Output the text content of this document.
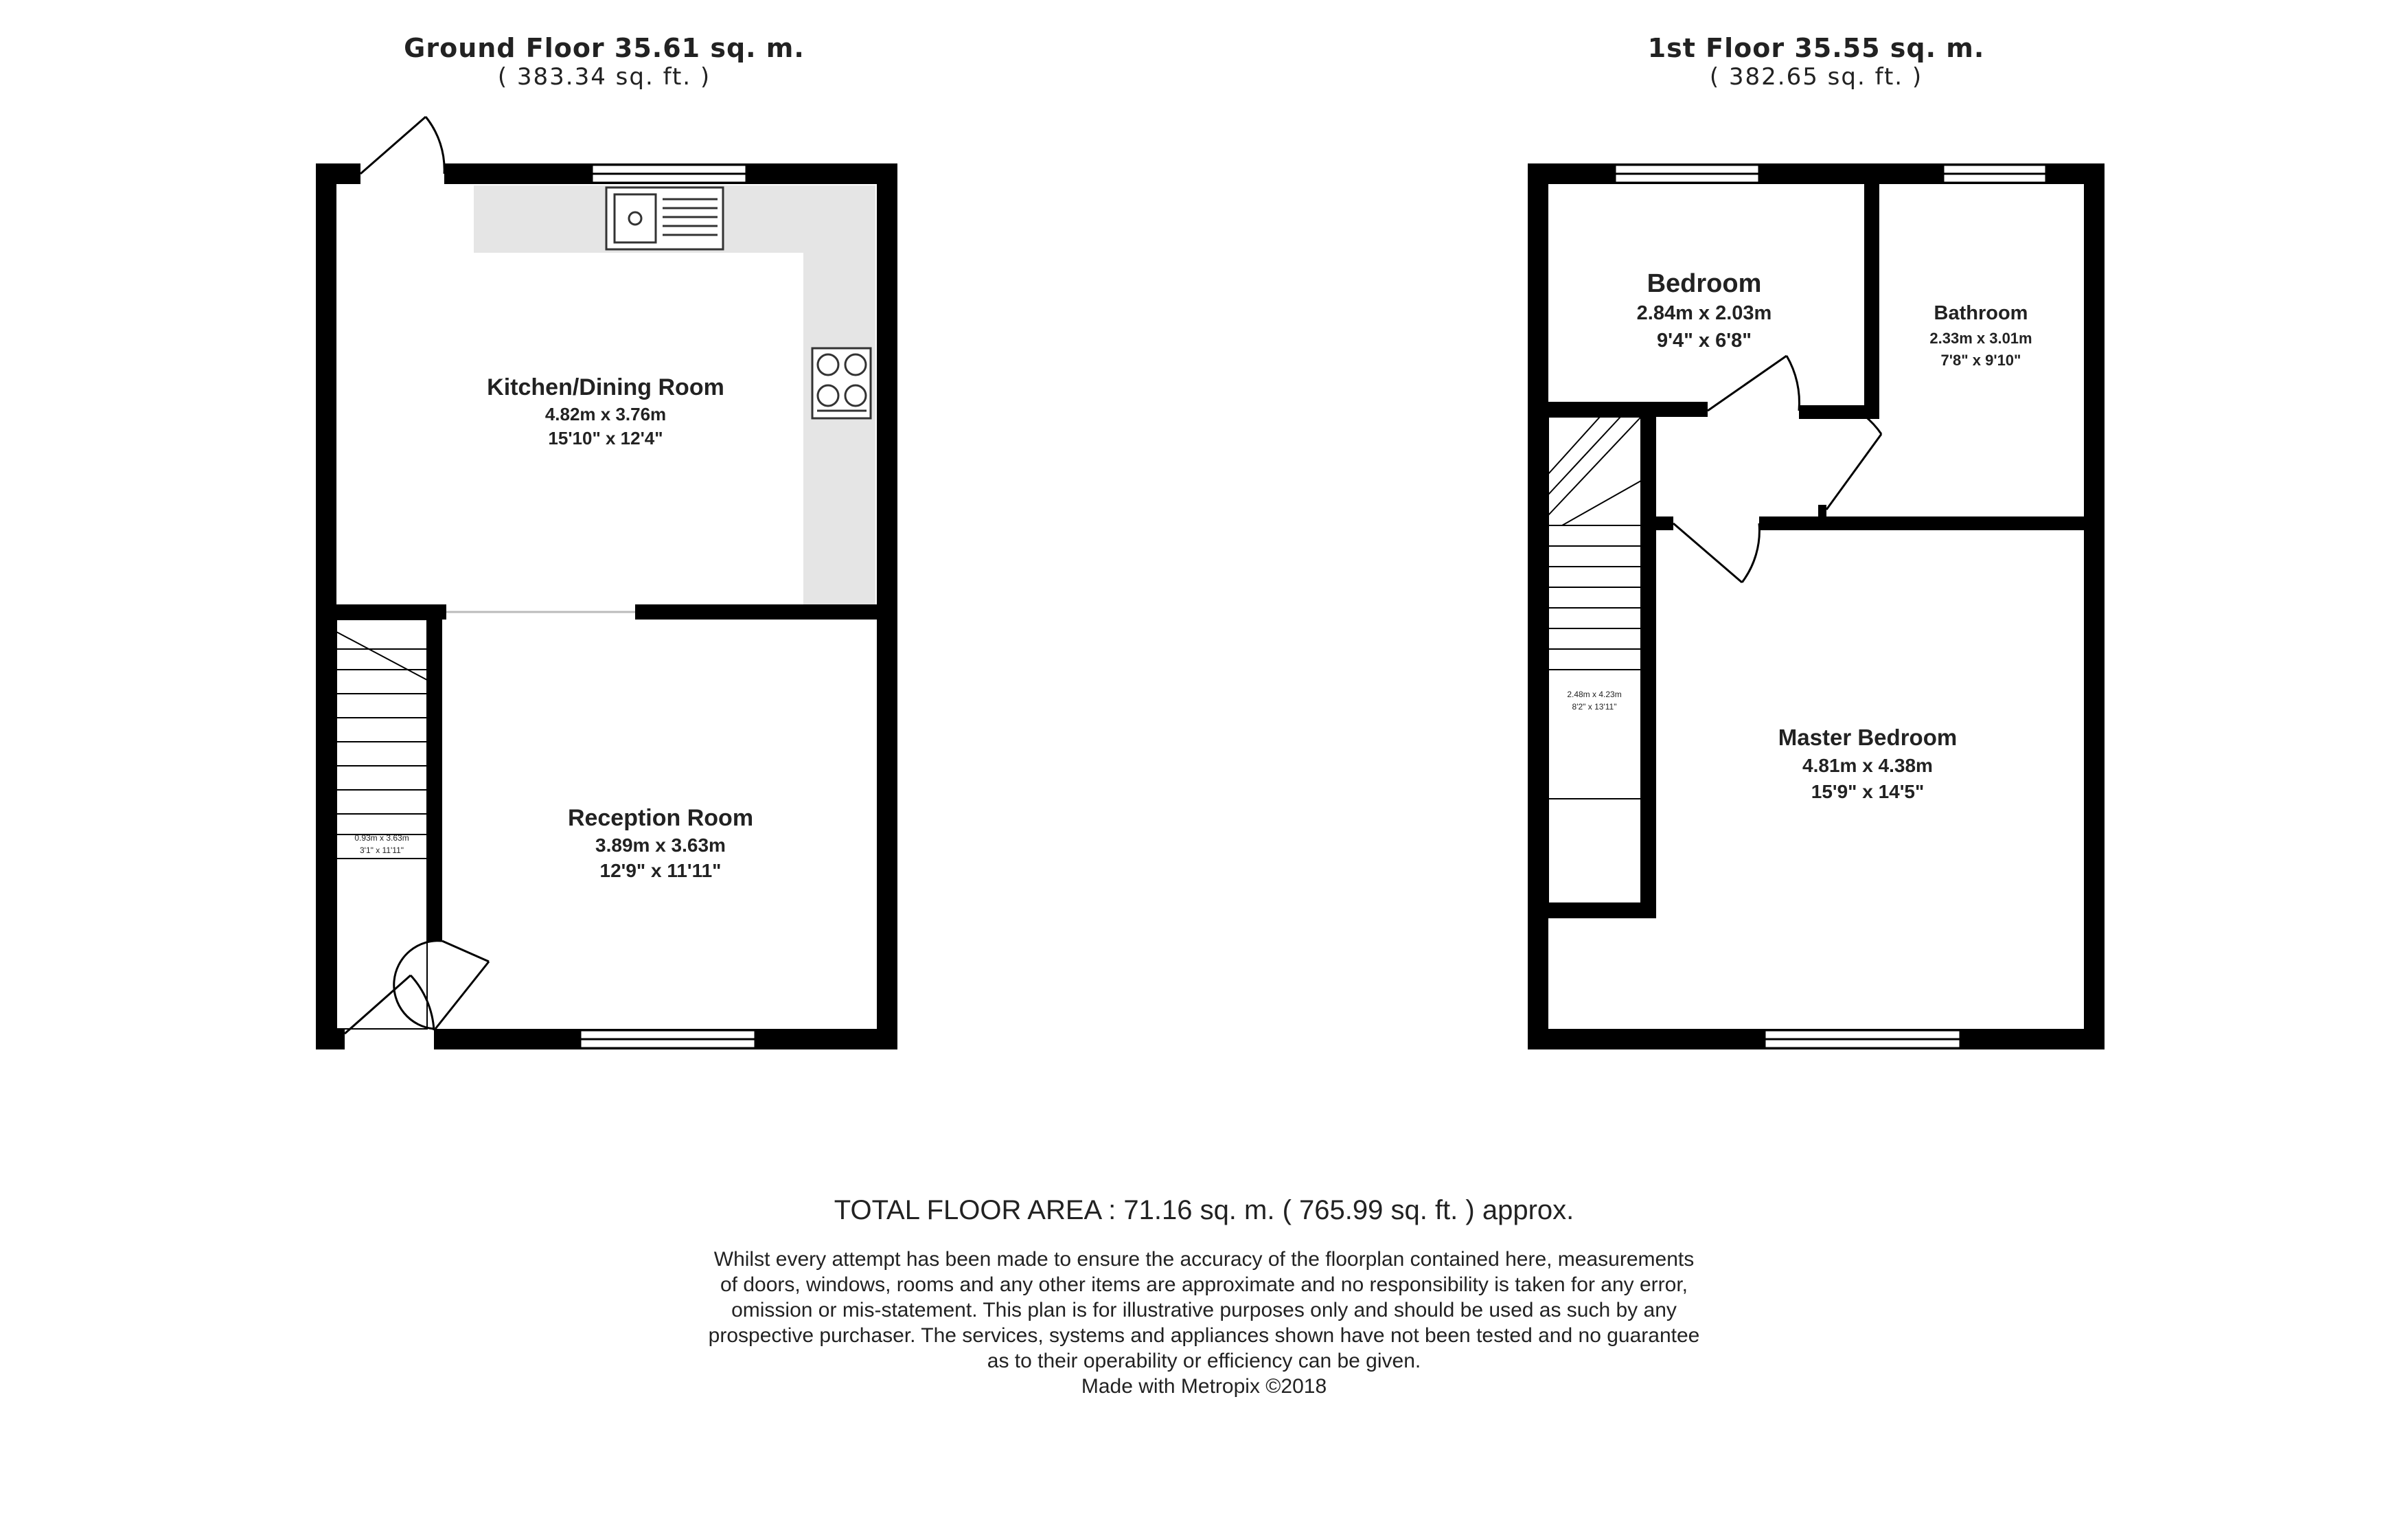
Ground Floor 35.61 sq. m.
( 383.34 sq. ft. )
1st Floor 35.55 sq. m.
( 382.65 sq. ft. )
Kitchen/Dining Room
4.82m x 3.76m
15'10" x 12'4"
Reception Room
3.89m x 3.63m
12'9" x 11'11"
0.93m x 3.63m
3'1" x 11'11"
Bedroom
2.84m x 2.03m
9'4" x 6'8"
Bathroom
2.33m x 3.01m
7'8" x 9'10"
Master Bedroom
4.81m x 4.38m
15'9" x 14'5"
2.48m x 4.23m
8'2" x 13'11"
TOTAL FLOOR AREA : 71.16 sq. m. ( 765.99 sq. ft. ) approx.
Whilst every attempt has been made to ensure the accuracy of the floorplan contained here, measurements
of doors, windows, rooms and any other items are approximate and no responsibility is taken for any error,
omission or mis-statement. This plan is for illustrative purposes only and should be used as such by any
prospective purchaser. The services, systems and appliances shown have not been tested and no guarantee
as to their operability or efficiency can be given.
Made with Metropix ©2018
